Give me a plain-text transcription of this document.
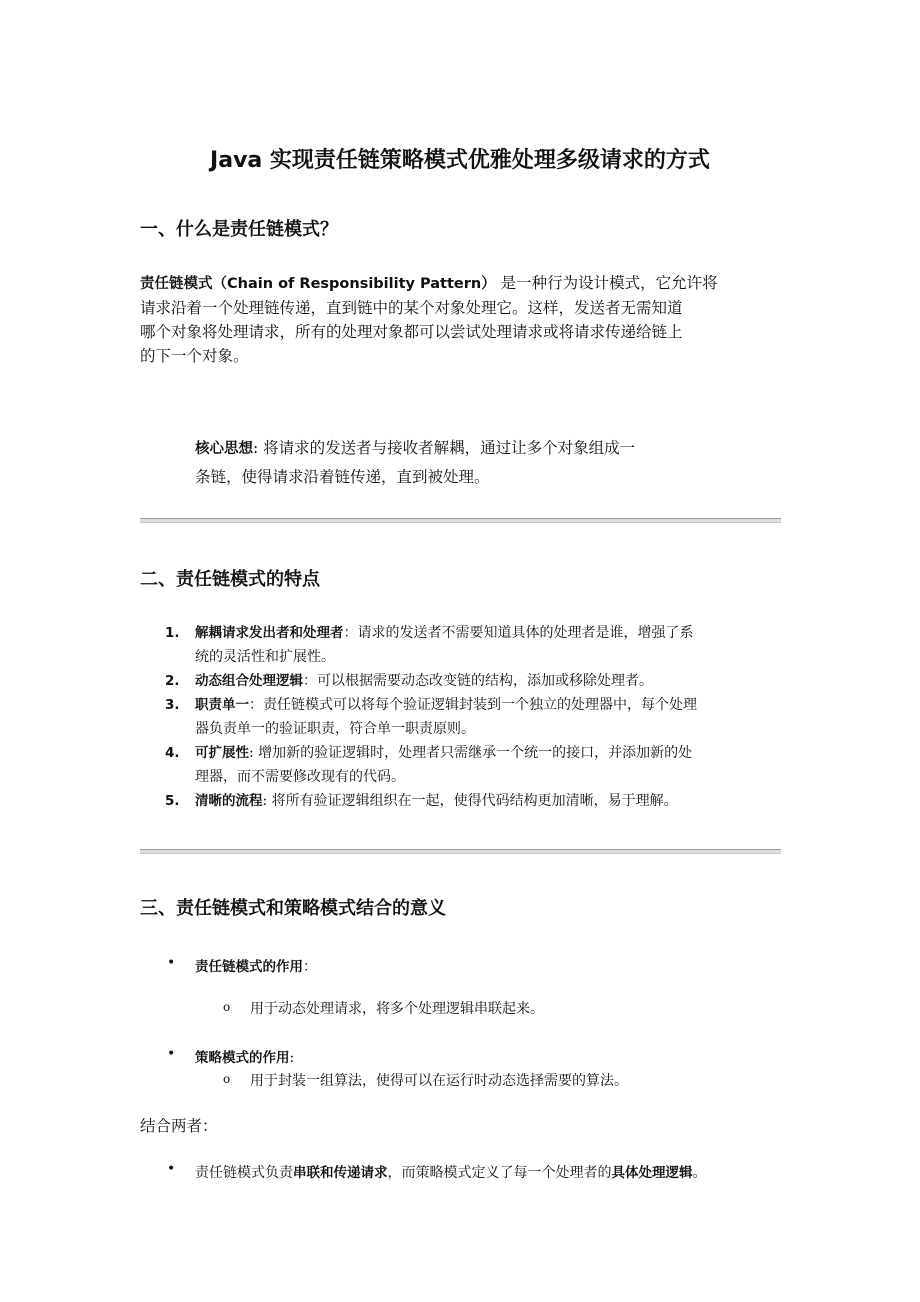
Java 实现责任链策略模式优雅处理多级请求的方式
一、什么是责任链模式？
责任链模式（Chain of Responsibility Pattern） 是一种行为设计模式，它允许将
请求沿着一个处理链传递，直到链中的某个对象处理它。这样，发送者无需知道
哪个对象将处理请求，所有的处理对象都可以尝试处理请求或将请求传递给链上
的下一个对象。
核心思想: 将请求的发送者与接收者解耦，通过让多个对象组成一
条链，使得请求沿着链传递，直到被处理。
二、责任链模式的特点
1. 解耦请求发出者和处理者：请求的发送者不需要知道具体的处理者是谁，增强了系
统的灵活性和扩展性。
2. 动态组合处理逻辑：可以根据需要动态改变链的结构，添加或移除处理者。
3. 职责单一：责任链模式可以将每个验证逻辑封装到一个独立的处理器中，每个处理
器负责单一的验证职责，符合单一职责原则。
4. 可扩展性: 增加新的验证逻辑时，处理者只需继承一个统一的接口，并添加新的处
理器，而不需要修改现有的代码。
5. 清晰的流程: 将所有验证逻辑组织在一起，使得代码结构更加清晰，易于理解。
三、责任链模式和策略模式结合的意义
• 责任链模式的作用：
o 用于动态处理请求，将多个处理逻辑串联起来。
• 策略模式的作用:
o 用于封装一组算法，使得可以在运行时动态选择需要的算法。
结合两者：
• 责任链模式负责串联和传递请求，而策略模式定义了每一个处理者的具体处理逻辑。
